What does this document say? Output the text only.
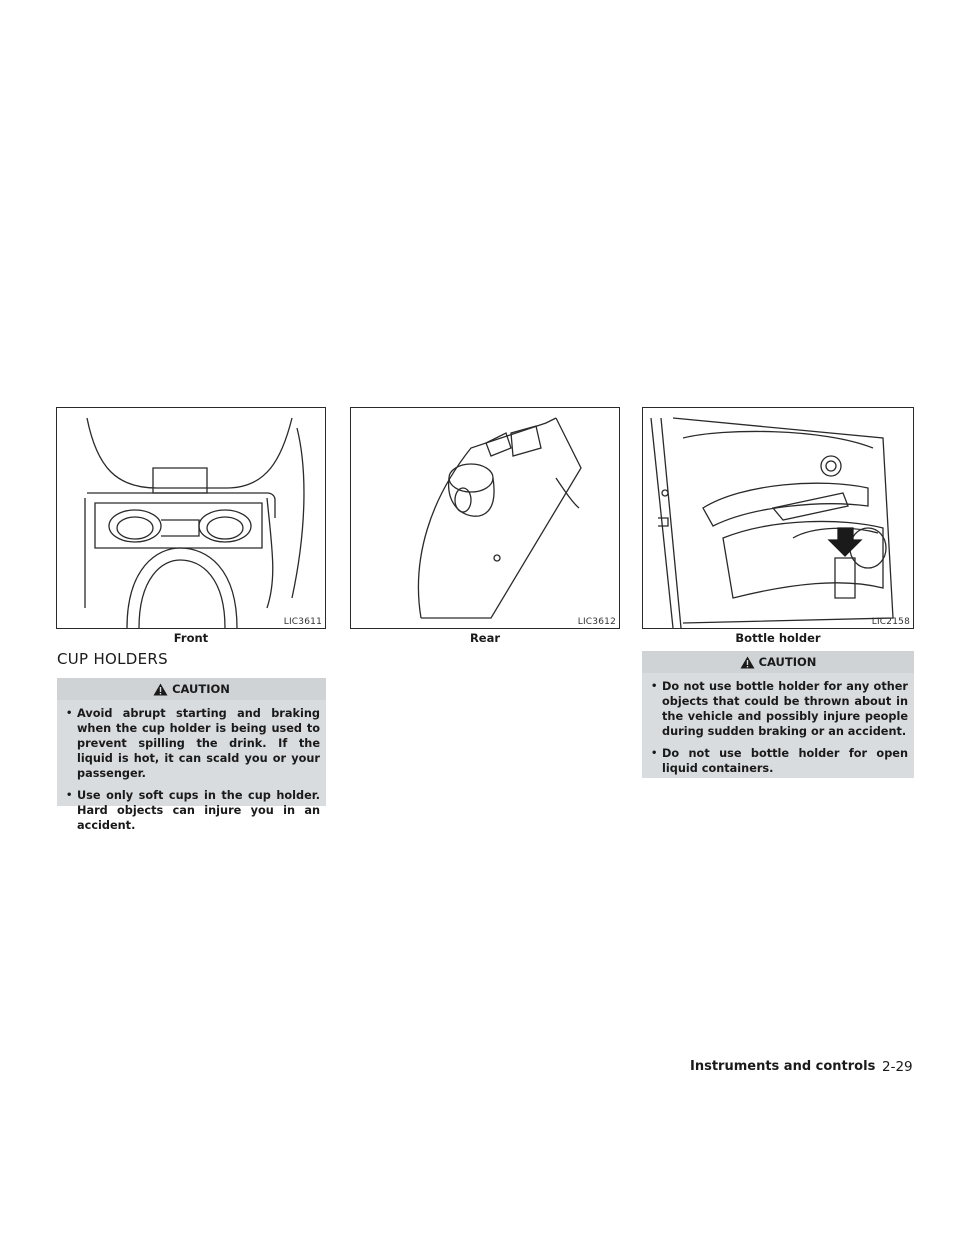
LIC3611
Front
LIC3612
Rear
LIC2158
Bottle holder
CUP HOLDERS
CAUTION
• Avoid abrupt starting and braking when the cup holder is being used to prevent spilling the drink. If the liquid is hot, it can scald you or your passenger.
• Use only soft cups in the cup holder. Hard objects can injure you in an accident.
CAUTION
• Do not use bottle holder for any other objects that could be thrown about in the vehicle and possibly injure people during sudden braking or an accident.
• Do not use bottle holder for open liquid containers.
Instruments and controls 2-29
